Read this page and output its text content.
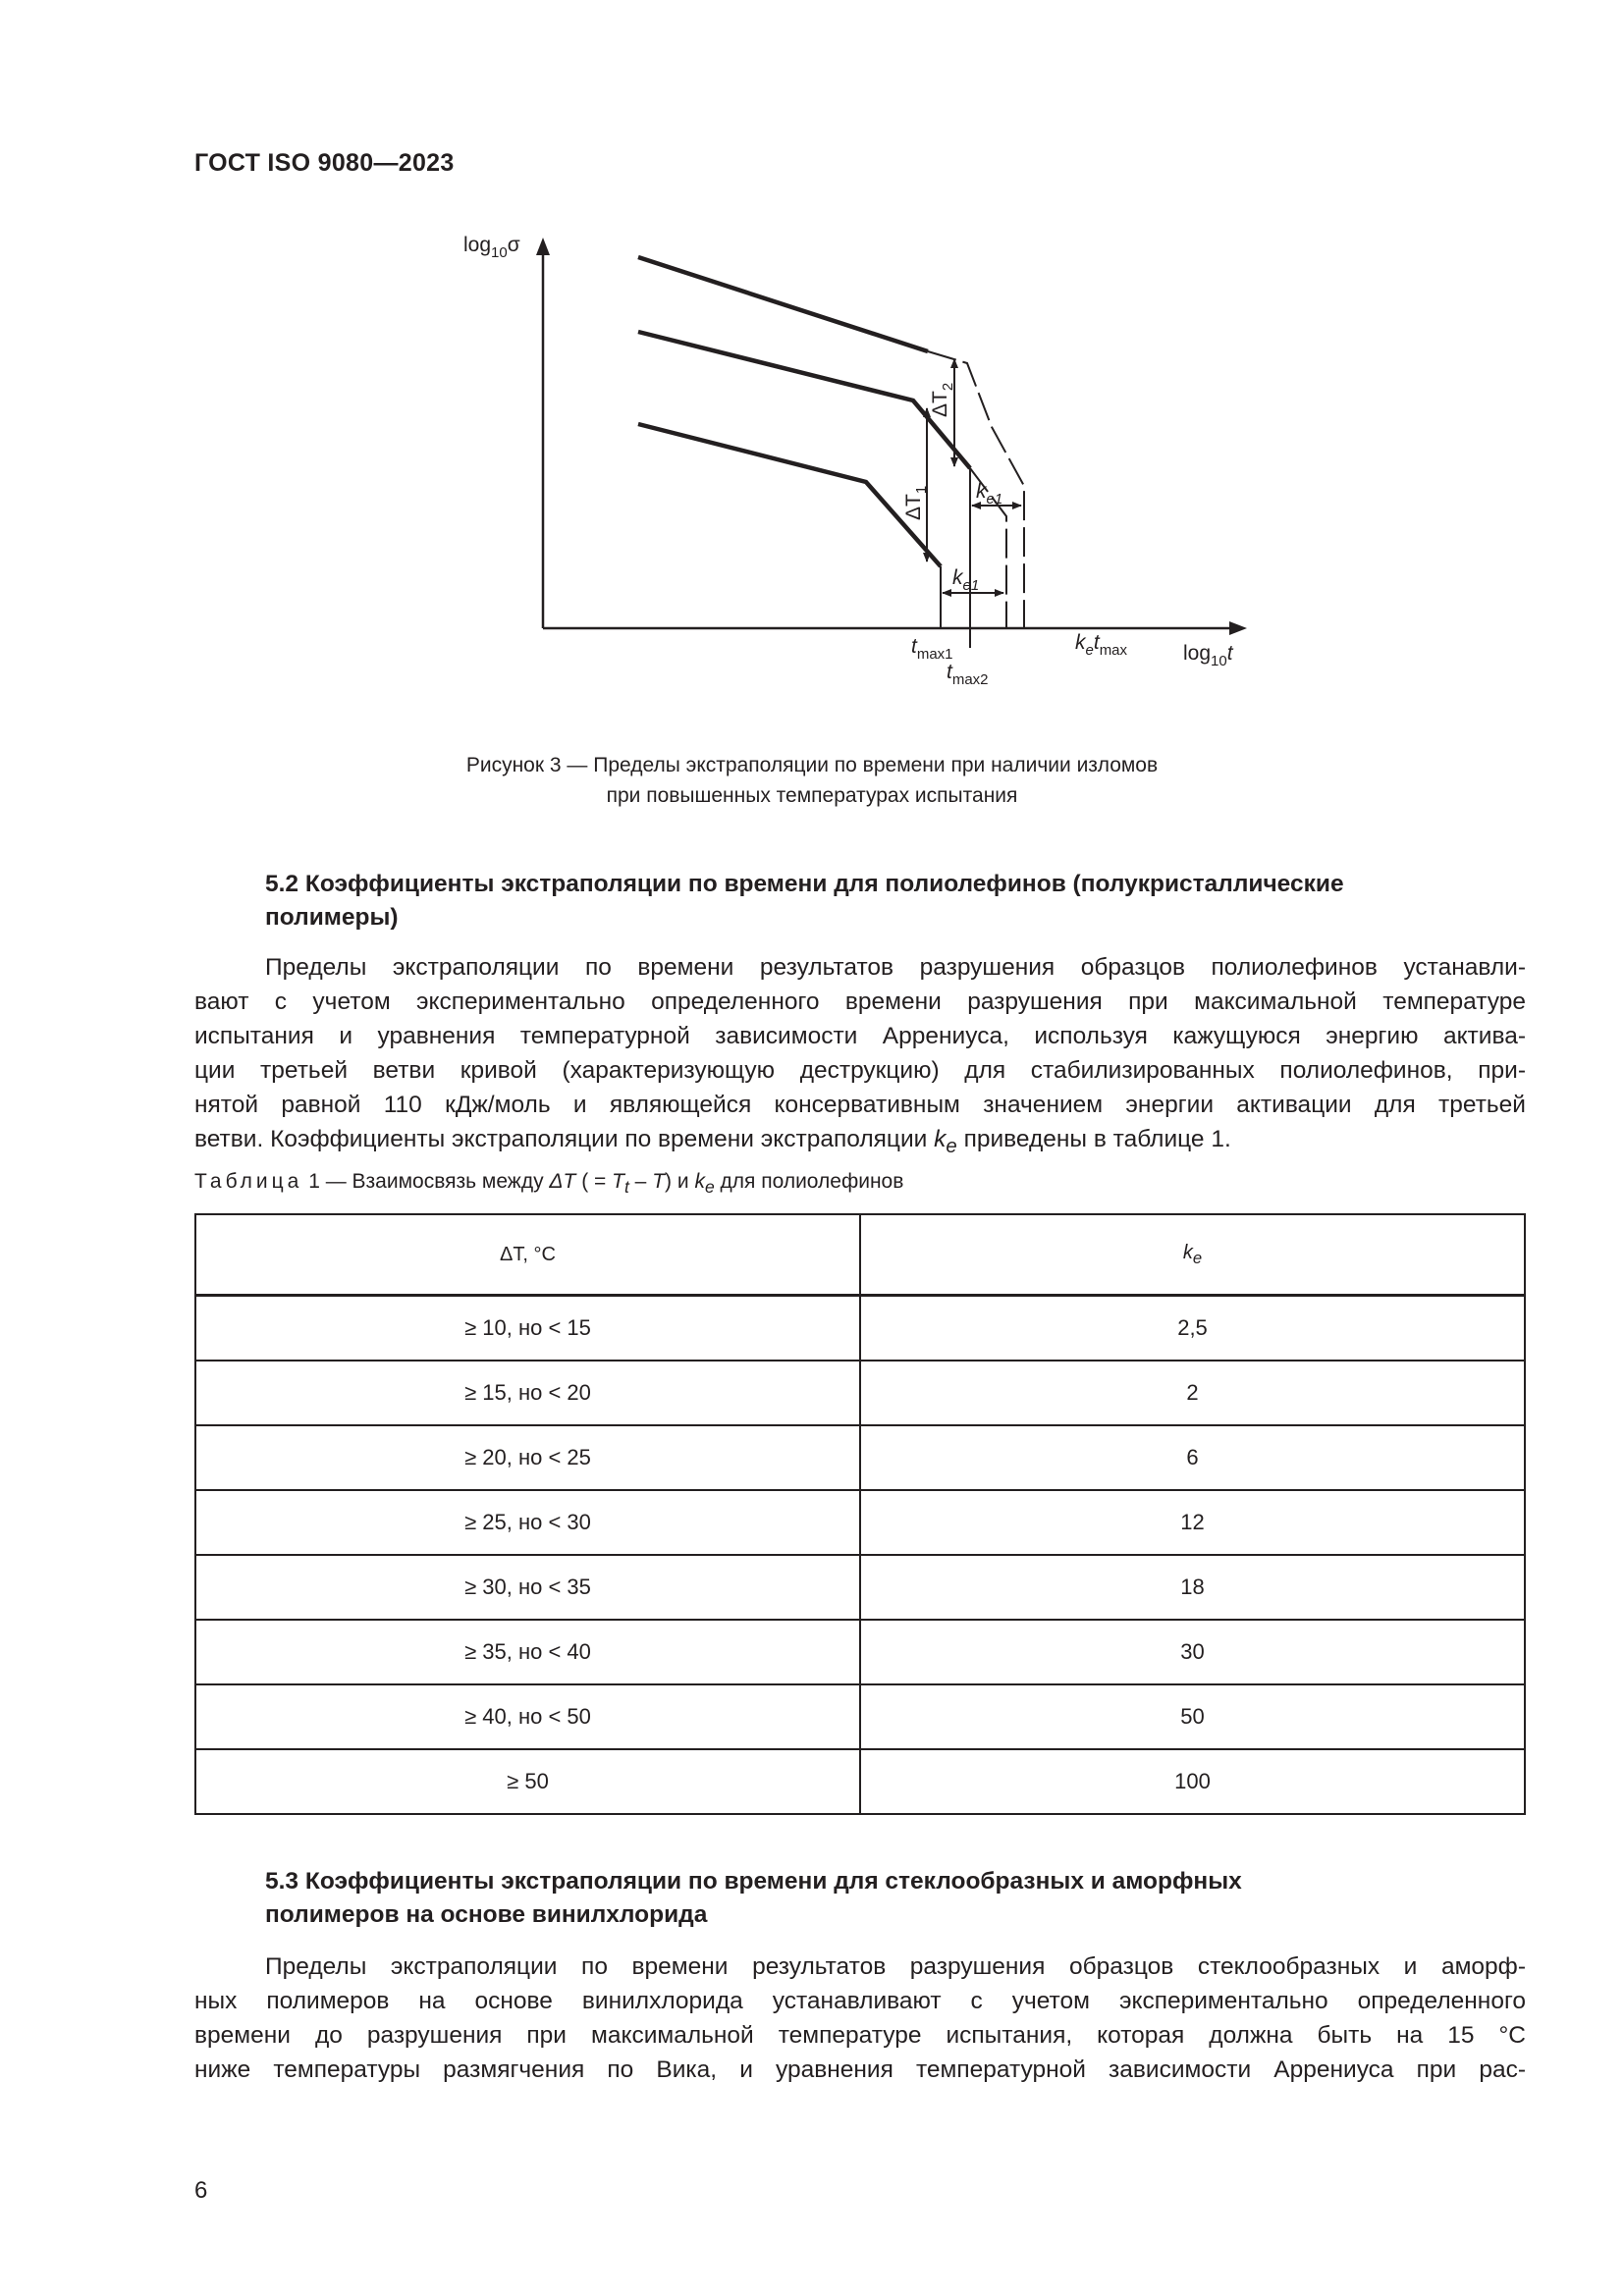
ГОСТ ISO 9080—2023
$\log_{10}\sigma$
$\log_{10}t$
$\Delta T_1$
$\Delta T_2$
$k_{e1}$
$k_{e1}$
$t_{max1}$
$t_{max2}$
$k_et_{max}$
Рисунок 3 — Пределы экстраполяции по времени при наличии изломов
при повышенных температурах испытания
5.2 Коэффициенты экстраполяции по времени для полиолефинов (полукристаллические
полимеры)
Пределы экстраполяции по времени результатов разрушения образцов полиолефинов устанавли-
вают с учетом экспериментально определенного времени разрушения при максимальной температуре
испытания и уравнения температурной зависимости Аррениуса, используя кажущуюся энергию актива-
ции третьей ветви кривой (характеризующую деструкцию) для стабилизированных полиолефинов, при-
нятой равной 110 кДж/моль и являющейся консервативным значением энергии активации для третьей
ветви. Коэффициенты экстраполяции по времени экстраполяции $k_e$ приведены в таблице 1.
Таблица 1 — Взаимосвязь между ΔT ( = $T_t - T$) и $k_e$ для полиолефинов
ΔT, °C	$k_e$
≥ 10, но < 15	2,5
≥ 15, но < 20	2
≥ 20, но < 25	6
≥ 25, но < 30	12
≥ 30, но < 35	18
≥ 35, но < 40	30
≥ 40, но < 50	50
≥ 50	100
5.3 Коэффициенты экстраполяции по времени для стеклообразных и аморфных
полимеров на основе винилхлорида
Пределы экстраполяции по времени результатов разрушения образцов стеклообразных и аморф-
ных полимеров на основе винилхлорида устанавливают с учетом экспериментально определенного
времени до разрушения при максимальной температуре испытания, которая должна быть на 15 °С
ниже температуры размягчения по Вика, и уравнения температурной зависимости Аррениуса при рас-
6
